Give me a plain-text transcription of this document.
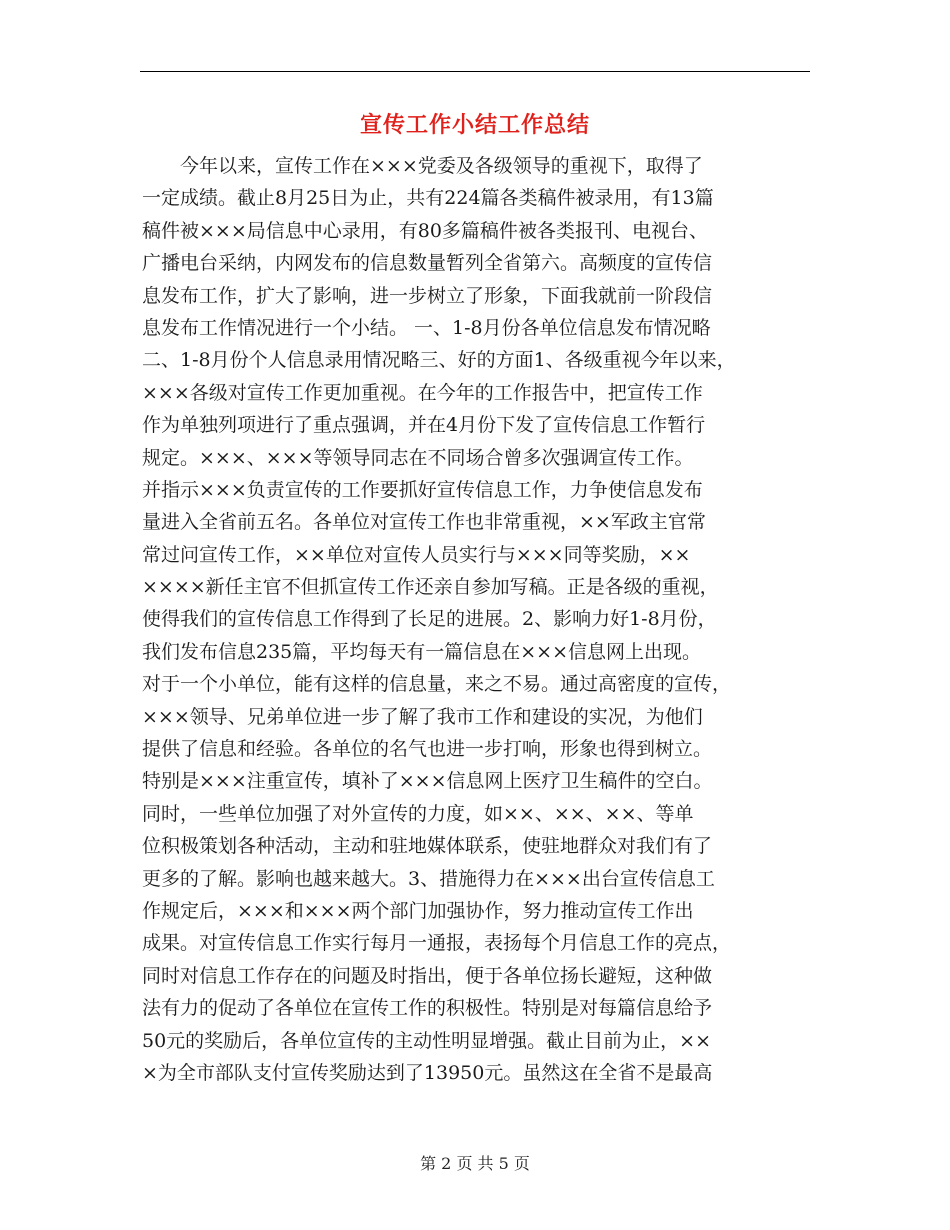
宣传工作小结工作总结
　　今年以来，宣传工作在×××党委及各级领导的重视下，取得了
一定成绩。截止8月25日为止，共有224篇各类稿件被录用，有13篇
稿件被×××局信息中心录用，有80多篇稿件被各类报刊、电视台、
广播电台采纳，内网发布的信息数量暂列全省第六。高频度的宣传信
息发布工作，扩大了影响，进一步树立了形象，下面我就前一阶段信
息发布工作情况进行一个小结。 一、1-8月份各单位信息发布情况略
二、1-8月份个人信息录用情况略三、好的方面1、各级重视今年以来，
×××各级对宣传工作更加重视。在今年的工作报告中，把宣传工作
作为单独列项进行了重点强调，并在4月份下发了宣传信息工作暂行
规定。×××、×××等领导同志在不同场合曾多次强调宣传工作。
并指示×××负责宣传的工作要抓好宣传信息工作，力争使信息发布
量进入全省前五名。各单位对宣传工作也非常重视，××军政主官常
常过问宣传工作，××单位对宣传人员实行与×××同等奖励，××
××××新任主官不但抓宣传工作还亲自参加写稿。正是各级的重视，
使得我们的宣传信息工作得到了长足的进展。2、影响力好1-8月份，
我们发布信息235篇，平均每天有一篇信息在×××信息网上出现。
对于一个小单位，能有这样的信息量，来之不易。通过高密度的宣传，
×××领导、兄弟单位进一步了解了我市工作和建设的实况，为他们
提供了信息和经验。各单位的名气也进一步打响，形象也得到树立。
特别是×××注重宣传，填补了×××信息网上医疗卫生稿件的空白。
同时，一些单位加强了对外宣传的力度，如××、××、××、等单
位积极策划各种活动，主动和驻地媒体联系，使驻地群众对我们有了
更多的了解。影响也越来越大。3、措施得力在×××出台宣传信息工
作规定后，×××和×××两个部门加强协作，努力推动宣传工作出
成果。对宣传信息工作实行每月一通报，表扬每个月信息工作的亮点，
同时对信息工作存在的问题及时指出，便于各单位扬长避短，这种做
法有力的促动了各单位在宣传工作的积极性。特别是对每篇信息给予
50元的奖励后，各单位宣传的主动性明显增强。截止目前为止，××
×为全市部队支付宣传奖励达到了13950元。虽然这在全省不是最高
第 2 页 共 5 页
